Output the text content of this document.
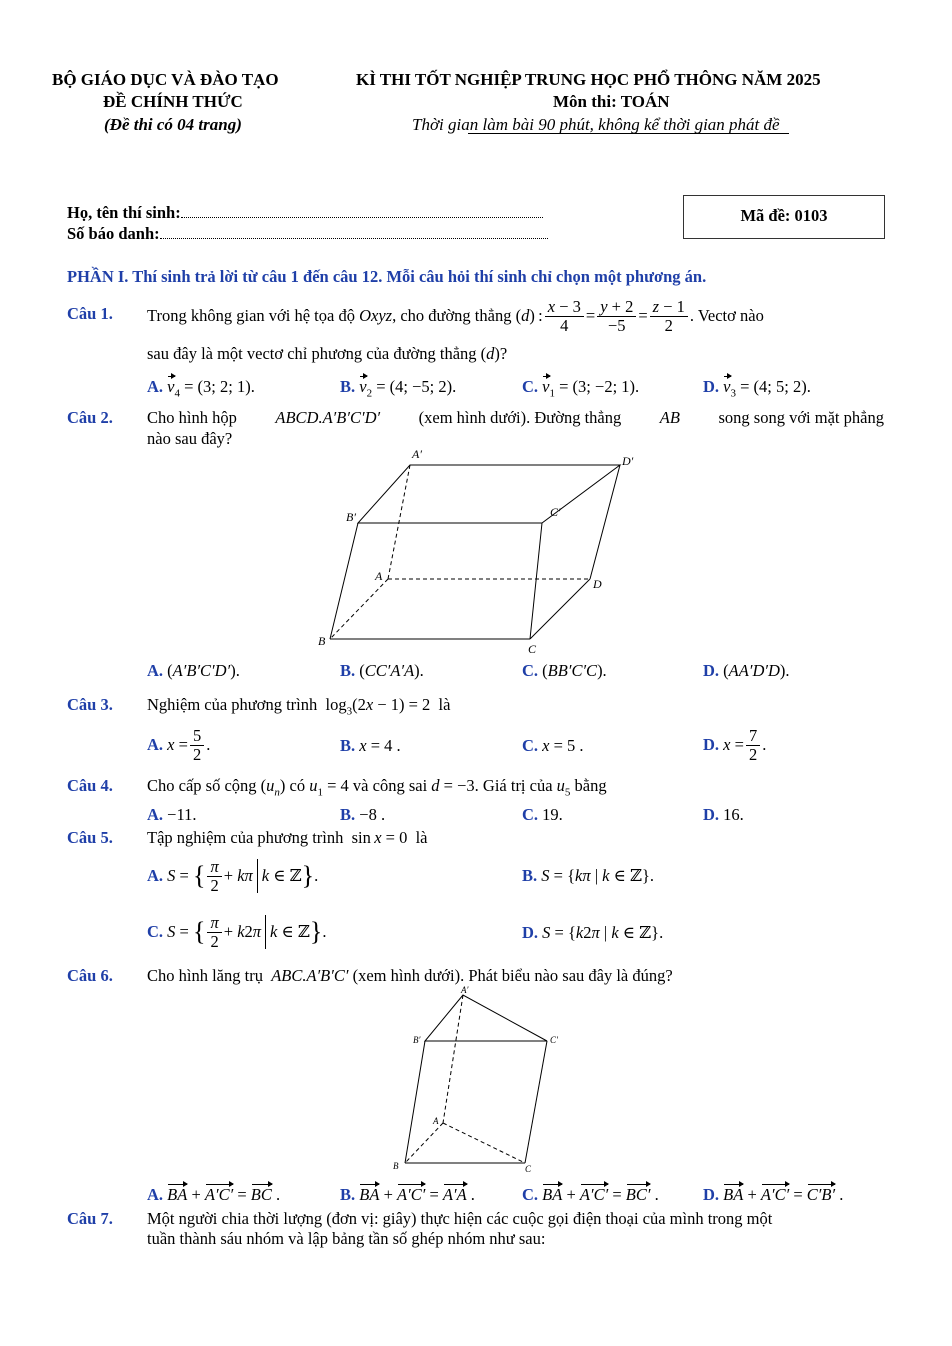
BỘ GIÁO DỤC VÀ ĐÀO TẠO
ĐỀ CHÍNH THỨC
(Đề thi có 04 trang)
KÌ THI TỐT NGHIỆP TRUNG HỌC PHỔ THÔNG NĂM 2025
Môn thi: TOÁN
Thời gian làm bài 90 phút, không kể thời gian phát đề
Họ, tên thí sinh:
Số báo danh:
Mã đề: 0103
PHẦN I. Thí sinh trả lời từ câu 1 đến câu 12. Mỗi câu hỏi thí sinh chỉ chọn một phương án.
Câu 1. Trong không gian với hệ tọa độ
Oxyz , cho đường thẳng ( d ) : $\frac{x - 3}{4} = \frac{y + 2}{-5} = \frac{z - 1}{2}$ . Vectơ nào
sau đây là một vectơ chỉ phương của đường thẳng (d)?
A. $v_4 = (3$; 2; 1).	B. $v_2 = (4$; −5; 2).	C. $v_1 = (3$; −2; 1).	D. $v_3 = (4$; 5; 2).
Câu 2. Cho hình hộp ABCD.A′B′C′D′ (xem hình dưới). Đường thẳng AB song song với mặt phẳng
nào sau đây?
A′	D′
B′	C′
A
D
B
C
A. (A′B′C′D′).	B. (CC′A′A).	C. (BB′C′C).	D. (AA′D′D).
Câu 3. Nghiệm của phương trình  $\log_3(2x - 1) = 2$  là
A.
$x = \frac{5}{2}$ .	B. x = 4 .	C. x = 5 .	D.
$x = \frac{7}{2}$ .
Câu 4. Cho cấp số cộng $(u_n)$ có $u_1 = 4$ và công sai d = −3. Giá trị của $u_5$ bằng
A. −11.	B. −8 .	C. 19.	D. 16.
Câu 5. Tập nghiệm của phương trình  sin x = 0  là
A.
S = { $\frac{\pi}{2} + k\pi$ k ∈ ℤ } .	B. S = {kπ | k ∈ ℤ}.
C.
S = { $\frac{\pi}{2} + k$ 2 π k ∈ ℤ } .	D. S = {k2π | k ∈ ℤ}.
Câu 6. Cho hình lăng trụ ABC.A′B′C′ (xem hình dưới). Phát biểu nào sau đây là đúng?
A′
B′	C′
A
B	C
A. BA + A′C′ = BC .	B. BA + A′C′ = A′A .	C. BA + A′C′ = BC′ .	D. BA + A′C′ = C′B′ .
Câu 7. Một người chia thời lượng (đơn vị: giây) thực hiện các cuộc gọi điện thoại của mình trong một
tuần thành sáu nhóm và lập bảng tần số ghép nhóm như sau:
